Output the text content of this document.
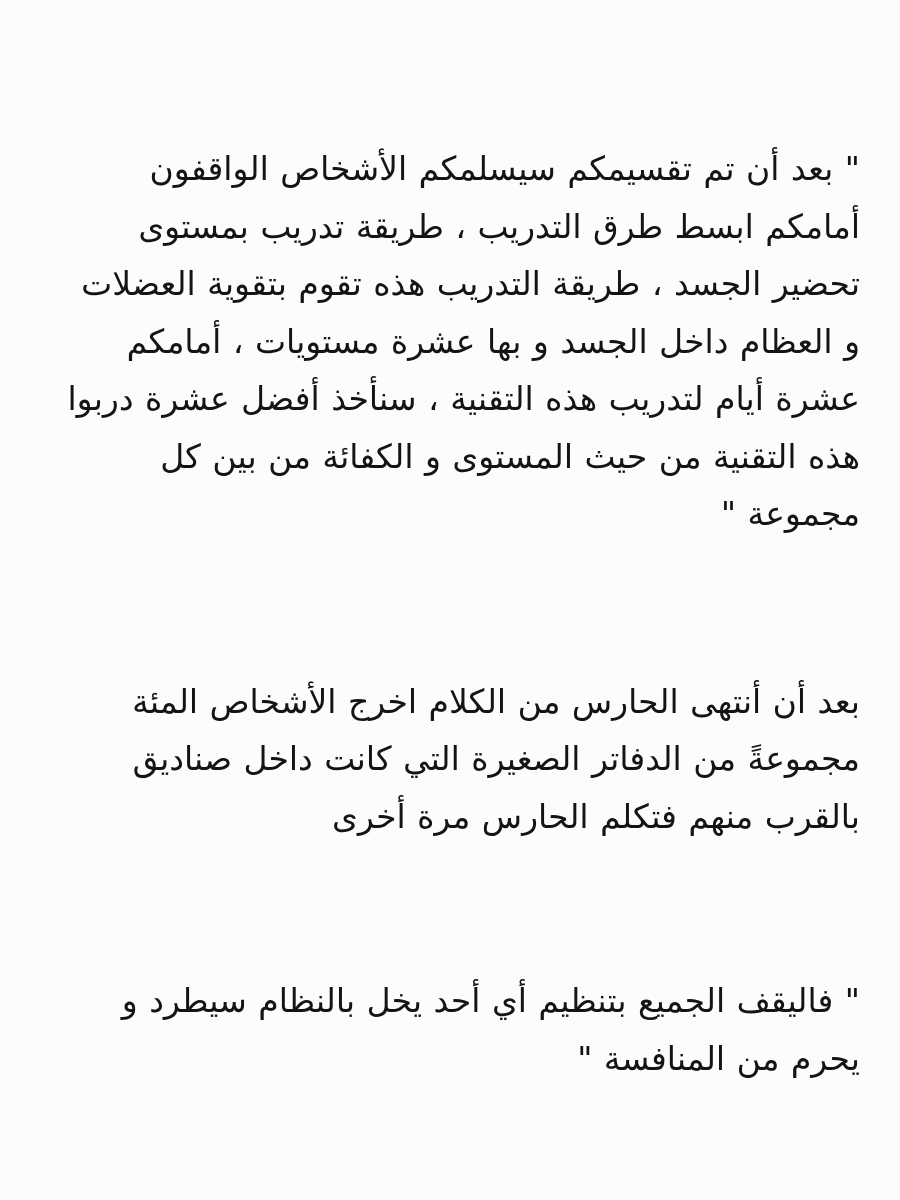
" بعد أن تم تقسيمكم سيسلمكم الأشخاص الواقفون أمامكم ابسط طرق التدريب ، طريقة تدريب بمستوى تحضير الجسد ، طريقة التدريب هذه تقوم بتقوية العضلات و العظام داخل الجسد و بها عشرة مستويات ، أمامكم عشرة أيام لتدريب هذه التقنية ، سنأخذ أفضل عشرة دربوا هذه التقنية من حيث المستوى و الكفائة من بين كل مجموعة "

بعد أن أنتهى الحارس من الكلام اخرج الأشخاص المئة مجموعةً من الدفاتر الصغيرة التي كانت داخل صناديق بالقرب منهم فتكلم الحارس مرة أخرى

" فاليقف الجميع بتنظيم أي أحد يخل بالنظام سيطرد و يحرم من المنافسة "
